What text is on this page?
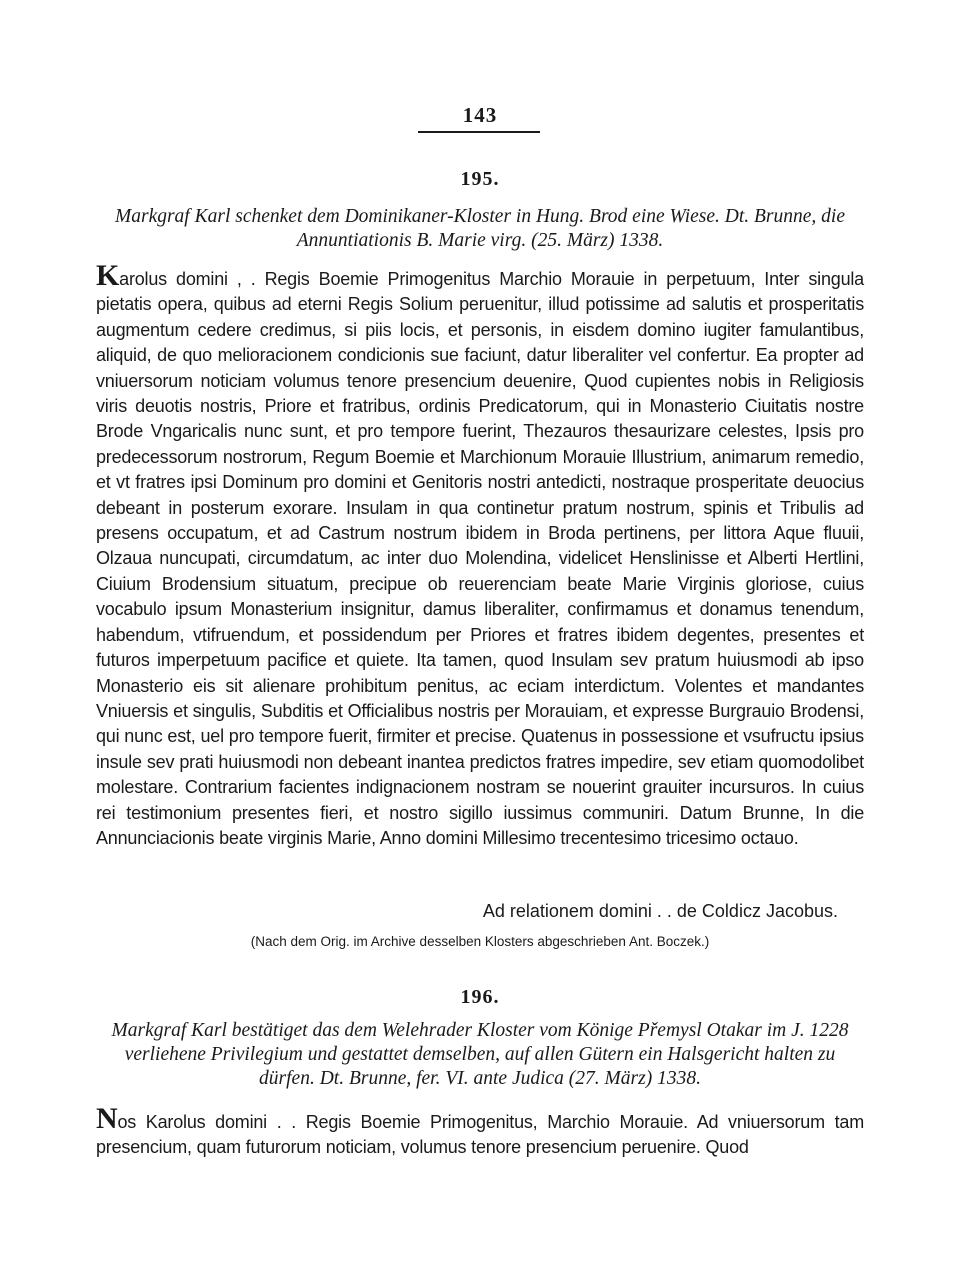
143
195.
Markgraf Karl schenket dem Dominikaner-Kloster in Hung. Brod eine Wiese. Dt. Brunne, die Annuntiationis B. Marie virg. (25. März) 1338.
Karolus domini , . Regis Boemie Primogenitus Marchio Morauie in perpetuum, Inter singula pietatis opera, quibus ad eterni Regis Solium peruenitur, illud potissime ad salutis et prosperitatis augmentum cedere credimus, si piis locis, et personis, in eisdem domino iugiter famulantibus, aliquid, de quo melioracionem condicionis sue faciunt, datur liberaliter vel confertur. Ea propter ad vniuersorum noticiam volumus tenore presencium deuenire, Quod cupientes nobis in Religiosis viris deuotis nostris, Priore et fratribus, ordinis Predicatorum, qui in Monasterio Ciuitatis nostre Brode Vngaricalis nunc sunt, et pro tempore fuerint, Thezauros thesaurizare celestes, Ipsis pro predecessorum nostrorum, Regum Boemie et Marchionum Morauie Illustrium, animarum remedio, et vt fratres ipsi Dominum pro domini et Genitoris nostri antedicti, nostraque prosperitate deuocius debeant in posterum exorare. Insulam in qua continetur pratum nostrum, spinis et Tribulis ad presens occupatum, et ad Castrum nostrum ibidem in Broda pertinens, per littora Aque fluuii, Olzaua nuncupati, circumdatum, ac inter duo Molendina, videlicet Henslinisse et Alberti Hertlini, Ciuium Brodensium situatum, precipue ob reuerenciam beate Marie Virginis gloriose, cuius vocabulo ipsum Monasterium insignitur, damus liberaliter, confirmamus et donamus tenendum, habendum, vtifruendum, et possidendum per Priores et fratres ibidem degentes, presentes et futuros imperpetuum pacifice et quiete. Ita tamen, quod Insulam sev pratum huiusmodi ab ipso Monasterio eis sit alienare prohibitum penitus, ac eciam interdictum. Volentes et mandantes Vniuersis et singulis, Subditis et Officialibus nostris per Morauiam, et expresse Burgrauio Brodensi, qui nunc est, uel pro tempore fuerit, firmiter et precise. Quatenus in possessione et vsufructu ipsius insule sev prati huiusmodi non debeant inantea predictos fratres impedire, sev etiam quomodolibet molestare. Contrarium facientes indignacionem nostram se nouerint grauiter incursuros. In cuius rei testimonium presentes fieri, et nostro sigillo iussimus communiri. Datum Brunne, In die Annunciacionis beate virginis Marie, Anno domini Millesimo trecentesimo tricesimo octauo.
Ad relationem domini . . de Coldicz Jacobus.
(Nach dem Orig. im Archive desselben Klosters abgeschrieben Ant. Boczek.)
196.
Markgraf Karl bestätiget das dem Welehrader Kloster vom Könige Přemysl Otakar im J. 1228 verliehene Privilegium und gestattet demselben, auf allen Gütern ein Halsgericht halten zu dürfen. Dt. Brunne, fer. VI. ante Judica (27. März) 1338.
Nos Karolus domini . . Regis Boemie Primogenitus, Marchio Morauie. Ad vniuersorum tam presencium, quam futurorum noticiam, volumus tenore presencium peruenire. Quod
